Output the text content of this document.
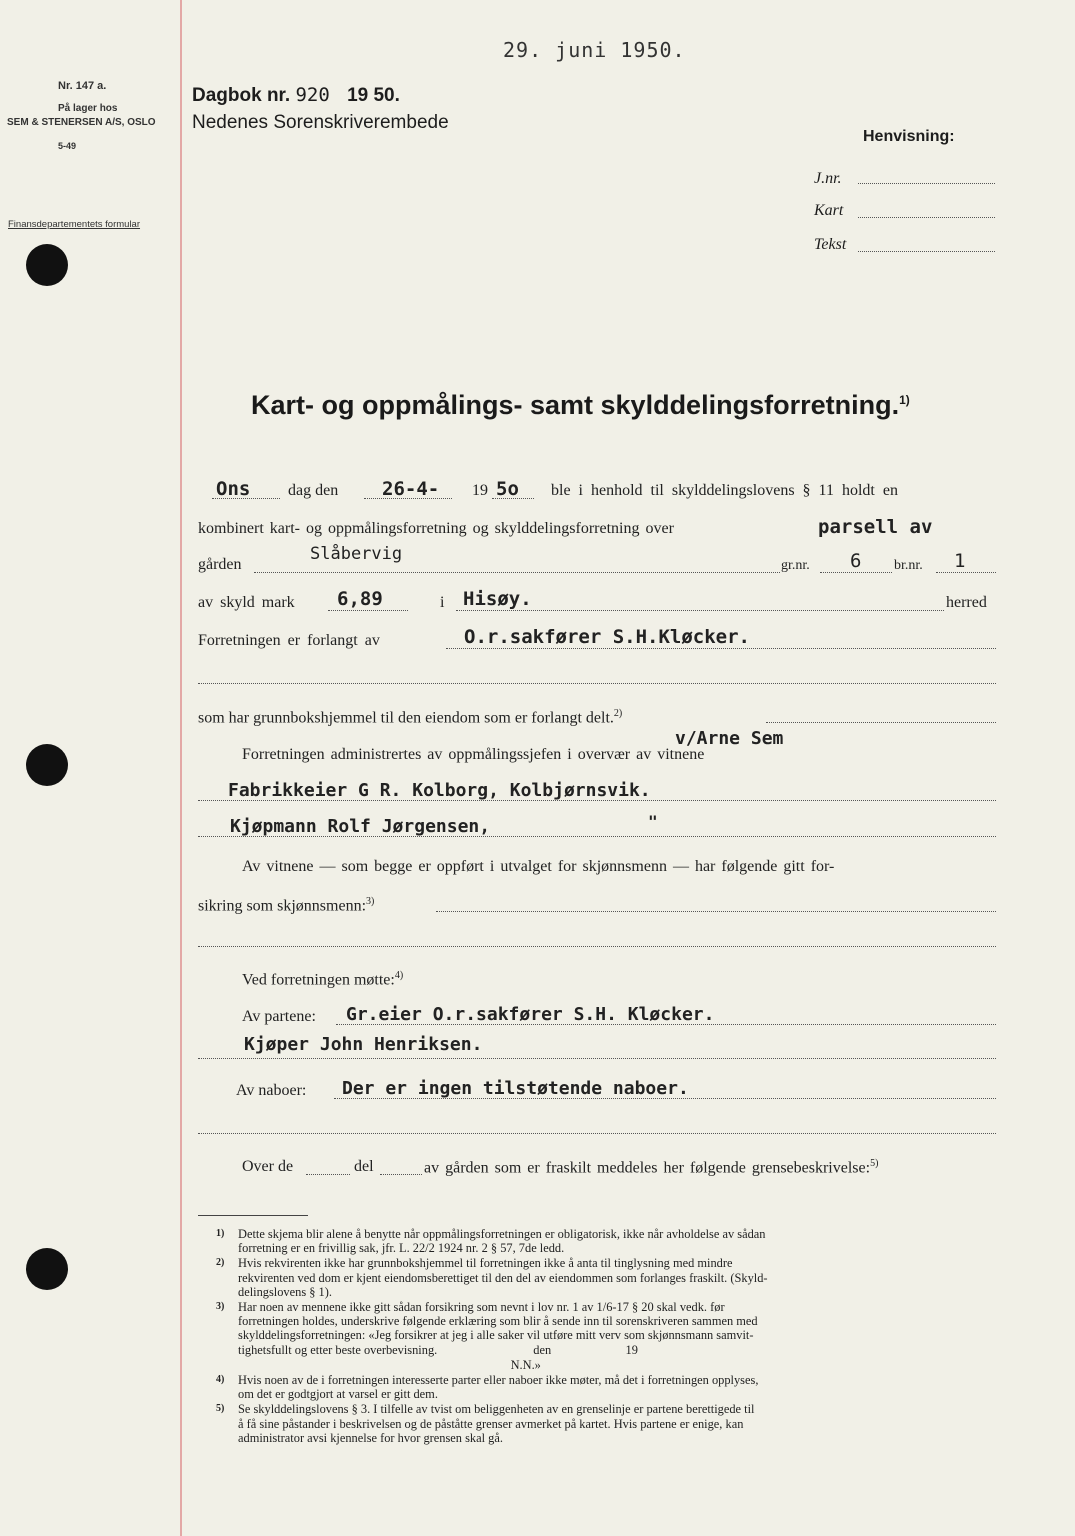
Nr. 147 a.
På lager hos
SEM & STENERSEN A/S, OSLO
5-49
Finansdepartementets formular
29. juni 1950.
Dagbok nr. 920 19 50.
Nedenes Sorenskriverembede
Henvisning:
J.nr.
Kart
Tekst
Kart- og oppmålings- samt skylddelingsforretning.$^{1)}$
Ons dag den 26-4- 19 5o ble i henhold til skylddelingslovens § 11 holdt en
kombinert kart- og oppmålingsforretning og skylddelingsforretning over	parsell av
gården
Slåbervig
gr.nr. 6 br.nr. 1
av skyld mark 6,89	i Hisøy.	herred
Forretningen er forlangt av	O.r.sakfører S.H.Kløcker.
som har grunnbokshjemmel til den eiendom som er forlangt delt.$^{2)}$
v/Arne Sem
Forretningen administrertes av oppmålingssjefen i overvær av vitnene
Fabrikkeier G R. Kolborg, Kolbjørnsvik.
Kjøpmann Rolf Jørgensen,	"
Av vitnene — som begge er oppført i utvalget for skjønnsmenn — har følgende gitt for-
sikring som skjønnsmenn:$^{3)}$
Ved forretningen møtte:$^{4)}$
Av partene: Gr.eier O.r.sakfører S.H. Kløcker.
Kjøper John Henriksen.
Av naboer: Der er ingen tilstøtende naboer.
Over de	del	av gården som er fraskilt meddeles her følgende grensebeskrivelse:$^{5)}$
1) Dette skjema blir alene å benytte når oppmålingsforretningen er obligatorisk, ikke når avholdelse av sådan
forretning er en frivillig sak, jfr. L. 22/2 1924 nr. 2 § 57, 7de ledd.
2) Hvis rekvirenten ikke har grunnbokshjemmel til forretningen ikke å anta til tinglysning med mindre
rekvirenten ved dom er kjent eiendomsberettiget til den del av eiendommen som forlanges fraskilt. (Skyld-
delingslovens § 1).
3) Har noen av mennene ikke gitt sådan forsikring som nevnt i lov nr. 1 av 1/6-17 § 20 skal vedk. før
forretningen holdes, underskrive følgende erklæring som blir å sende inn til sorenskriveren sammen med
skylddelingsforretningen: «Jeg forsikrer at jeg i alle saker vil utføre mitt verv som skjønnsmann samvit-
tighetsfullt og etter beste overbevisning.                               den                        19
N.N.»
4) Hvis noen av de i forretningen interesserte parter eller naboer ikke møter, må det i forretningen opplyses,
om det er godtgjort at varsel er gitt dem.
5) Se skylddelingslovens § 3. I tilfelle av tvist om beliggenheten av en grenselinje er partene berettigede til
å få sine påstander i beskrivelsen og de påståtte grenser avmerket på kartet. Hvis partene er enige, kan
administrator avsi kjennelse for hvor grensen skal gå.
